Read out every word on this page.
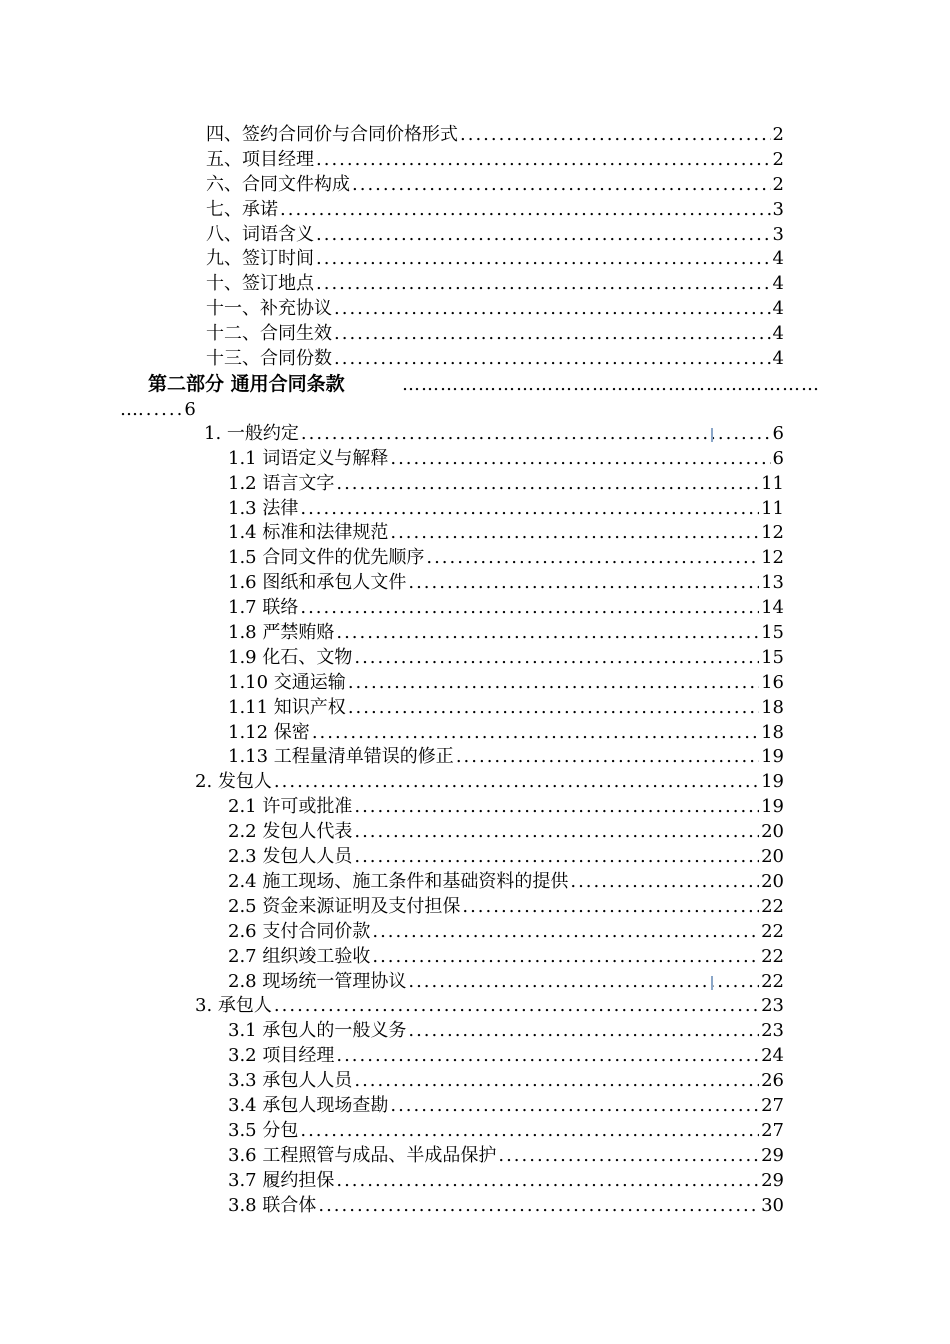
四、签约合同价与合同价格形式 .....	2
五、项目经理 .....	2
六、合同文件构成 .....	2
七、承诺 .....	3
八、词语含义 .....	3
九、签订时间 .....	4
十、签订地点 .....	4
十一、补充协议 .....	4
十二、合同生效 .....	4
十三、合同份数 .....	4
第二部分 通用合同条款
…………………………………………………………
…......6
1. 一般约定 .....	6
1.1 词语定义与解释 .....	6
1.2 语言文字 .....	11
1.3 法律 .....	11
1.4 标准和法律规范 .....	12
1.5 合同文件的优先顺序 .....	12
1.6 图纸和承包人文件 .....	13
1.7 联络 .....	14
1.8 严禁贿赂 .....	15
1.9 化石、文物 .....	15
1.10 交通运输 .....	16
1.11 知识产权 .....	18
1.12 保密 .....	18
1.13 工程量清单错误的修正 .....	19
2. 发包人 .....	19
2.1 许可或批准 .....	19
2.2 发包人代表 .....	20
2.3 发包人人员 .....	20
2.4 施工现场、施工条件和基础资料的提供 .....	20
2.5 资金来源证明及支付担保 .....	22
2.6 支付合同价款 .....	22
2.7 组织竣工验收 .....	22
2.8 现场统一管理协议 .....	22
3. 承包人 .....	23
3.1 承包人的一般义务 .....	23
3.2 项目经理 .....	24
3.3 承包人人员 .....	26
3.4 承包人现场查勘 .....	27
3.5 分包 .....	27
3.6 工程照管与成品、半成品保护 .....	29
3.7 履约担保 .....	29
3.8 联合体 .....	30
